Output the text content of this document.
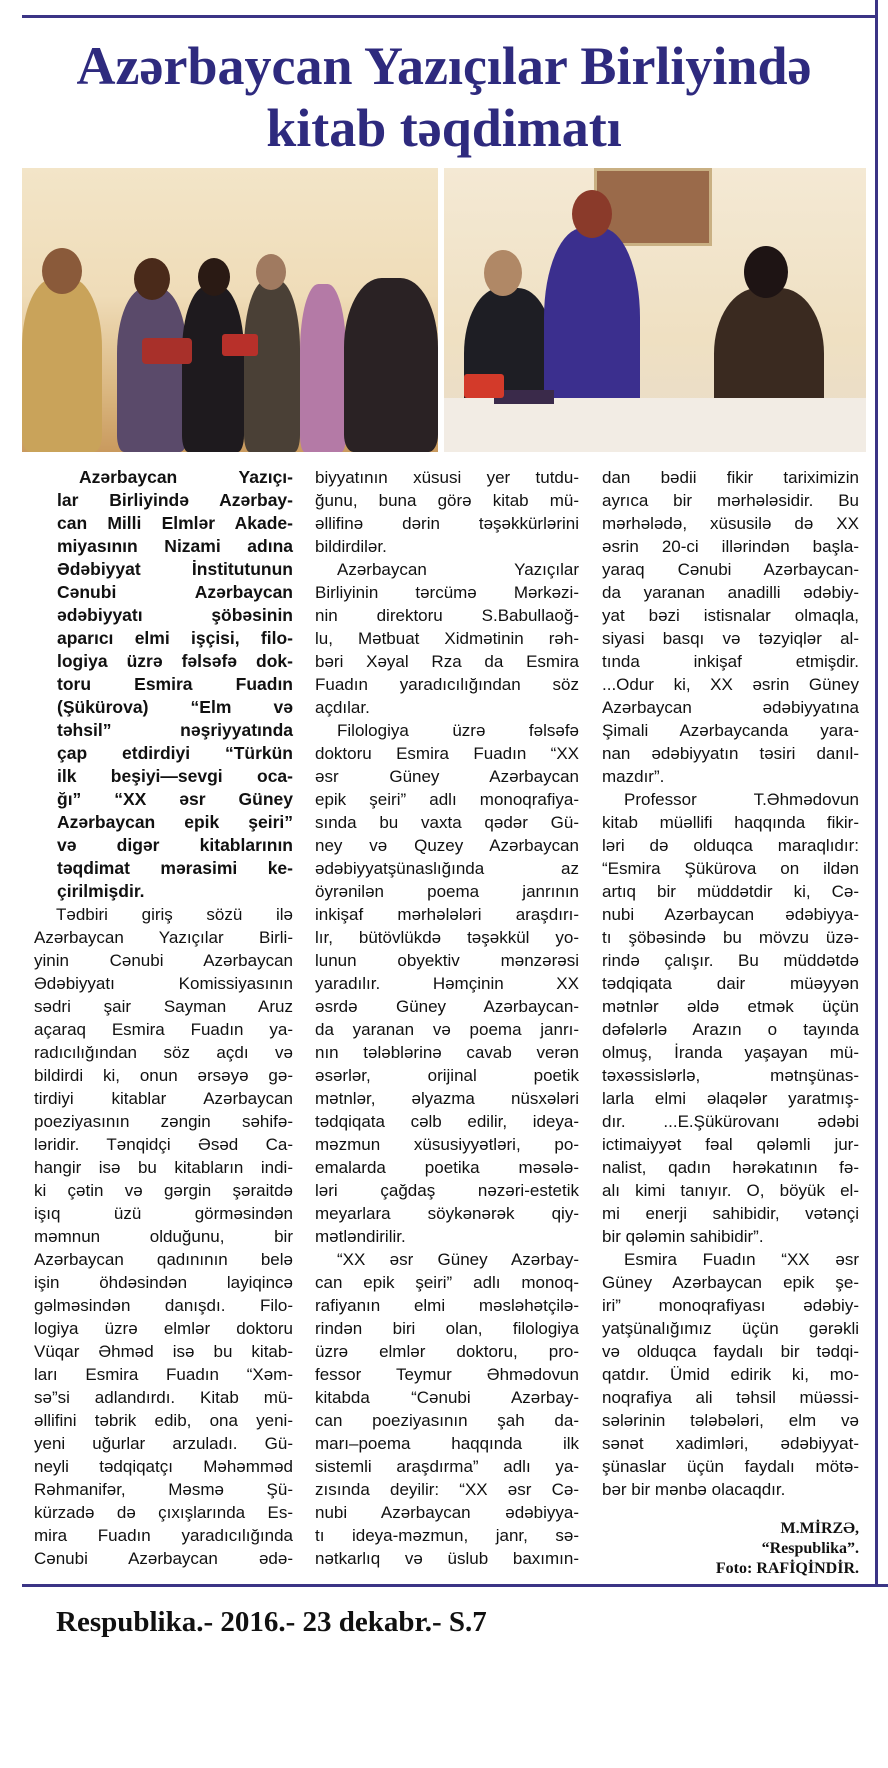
Azərbaycan Yazıçılar Birliyində
kitab təqdimatı
Azərbaycan Yazıçı-
lar Birliyində Azərbay-
can Milli Elmlər Akade-
miyasının Nizami adına
Ədəbiyyat İnstitutunun
Cənubi Azərbaycan
ədəbiyyatı şöbəsinin
aparıcı elmi işçisi, filo-
logiya üzrə fəlsəfə dok-
toru Esmira Fuadın
(Şükürova) “Elm və
təhsil” nəşriyyatında
çap etdirdiyi “Türkün
ilk beşiyi—sevgi oca-
ğı” “XX əsr Güney
Azərbaycan epik şeiri”
və digər kitablarının
təqdimat mərasimi ke-
çirilmişdir.
Tədbiri giriş sözü ilə
Azərbaycan Yazıçılar Birli-
yinin Cənubi Azərbaycan
Ədəbiyyatı Komissiyasının
sədri şair Sayman Aruz
açaraq Esmira Fuadın ya-
radıcılığından söz açdı və
bildirdi ki, onun ərsəyə gə-
tirdiyi kitablar Azərbaycan
poeziyasının zəngin səhifə-
ləridir. Tənqidçi Əsəd Ca-
hangir isə bu kitabların indi-
ki çətin və gərgin şəraitdə
işıq üzü görməsindən
məmnun olduğunu, bir
Azərbaycan qadınının belə
işin öhdəsindən layiqincə
gəlməsindən danışdı. Filo-
logiya üzrə elmlər doktoru
Vüqar Əhməd isə bu kitab-
ları Esmira Fuadın “Xəm-
sə”si adlandırdı. Kitab mü-
əllifini təbrik edib, ona yeni-
yeni uğurlar arzuladı. Gü-
neyli tədqiqatçı Məhəmməd
Rəhmanifər, Məsmə Şü-
kürzadə də çıxışlarında Es-
mira Fuadın yaradıcılığında
Cənubi Azərbaycan ədə-
biyyatının xüsusi yer tutdu-
ğunu, buna görə kitab mü-
əllifinə dərin təşəkkürlərini
bildirdilər.
Azərbaycan Yazıçılar
Birliyinin tərcümə Mərkəzi-
nin direktoru S.Babullaoğ-
lu, Mətbuat Xidmətinin rəh-
bəri Xəyal Rza da Esmira
Fuadın yaradıcılığından söz
açdılar.
Filologiya üzrə fəlsəfə
doktoru Esmira Fuadın “XX
əsr Güney Azərbaycan
epik şeiri” adlı monoqrafiya-
sında bu vaxta qədər Gü-
ney və Quzey Azərbaycan
ədəbiyyatşünaslığında az
öyrənilən poema janrının
inkişaf mərhələləri araşdırı-
lır, bütövlükdə təşəkkül yo-
lunun obyektiv mənzərəsi
yaradılır. Həmçinin XX
əsrdə Güney Azərbaycan-
da yaranan və poema janrı-
nın tələblərinə cavab verən
əsərlər, orijinal poetik
mətnlər, əlyazma nüsxələri
tədqiqata cəlb edilir, ideya-
məzmun xüsusiyyətləri, po-
emalarda poetika məsələ-
ləri çağdaş nəzəri-estetik
meyarlara söykənərək qiy-
mətləndirilir.
“XX əsr Güney Azərbay-
can epik şeiri” adlı monoq-
rafiyanın elmi məsləhətçilə-
rindən biri olan, filologiya
üzrə elmlər doktoru, pro-
fessor Teymur Əhmədovun
kitabda “Cənubi Azərbay-
can poeziyasının şah da-
marı–poema haqqında ilk
sistemli araşdırma” adlı ya-
zısında deyilir: “XX əsr Cə-
nubi Azərbaycan ədəbiyya-
tı ideya-məzmun, janr, sə-
nətkarlıq və üslub baxımın-
dan bədii fikir tariximizin
ayrıca bir mərhələsidir. Bu
mərhələdə, xüsusilə də XX
əsrin 20-ci illərindən başla-
yaraq Cənubi Azərbaycan-
da yaranan anadilli ədəbiy-
yat bəzi istisnalar olmaqla,
siyasi basqı və təzyiqlər al-
tında inkişaf etmişdir.
...Odur ki, XX əsrin Güney
Azərbaycan ədəbiyyatına
Şimali Azərbaycanda yara-
nan ədəbiyyatın təsiri danıl-
mazdır”.
Professor T.Əhmədovun
kitab müəllifi haqqında fikir-
ləri də olduqca maraqlıdır:
“Esmira Şükürova on ildən
artıq bir müddətdir ki, Cə-
nubi Azərbaycan ədəbiyya-
tı şöbəsində bu mövzu üzə-
rində çalışır. Bu müddətdə
tədqiqata dair müəyyən
mətnlər əldə etmək üçün
dəfələrlə Arazın o tayında
olmuş, İranda yaşayan mü-
təxəssislərlə, mətnşünas-
larla elmi əlaqələr yaratmış-
dır. ...E.Şükürovanı ədəbi
ictimaiyyət fəal qələmli jur-
nalist, qadın hərəkatının fə-
alı kimi tanıyır. O, böyük el-
mi enerji sahibidir, vətənçi
bir qələmin sahibidir”.
Esmira Fuadın “XX əsr
Güney Azərbaycan epik şe-
iri” monoqrafiyası ədəbiy-
yatşünalığımız üçün gərəkli
və olduqca faydalı bir tədqi-
qatdır. Ümid edirik ki, mo-
noqrafiya ali təhsil müəssi-
sələrinin tələbələri, elm və
sənət xadimləri, ədəbiyyat-
şünaslar üçün faydalı mötə-
bər bir mənbə olacaqdır.
M.MİRZƏ,
“Respublika”.
Foto: RAFİQİNDİR.
Respublika.- 2016.- 23 dekabr.- S.7
